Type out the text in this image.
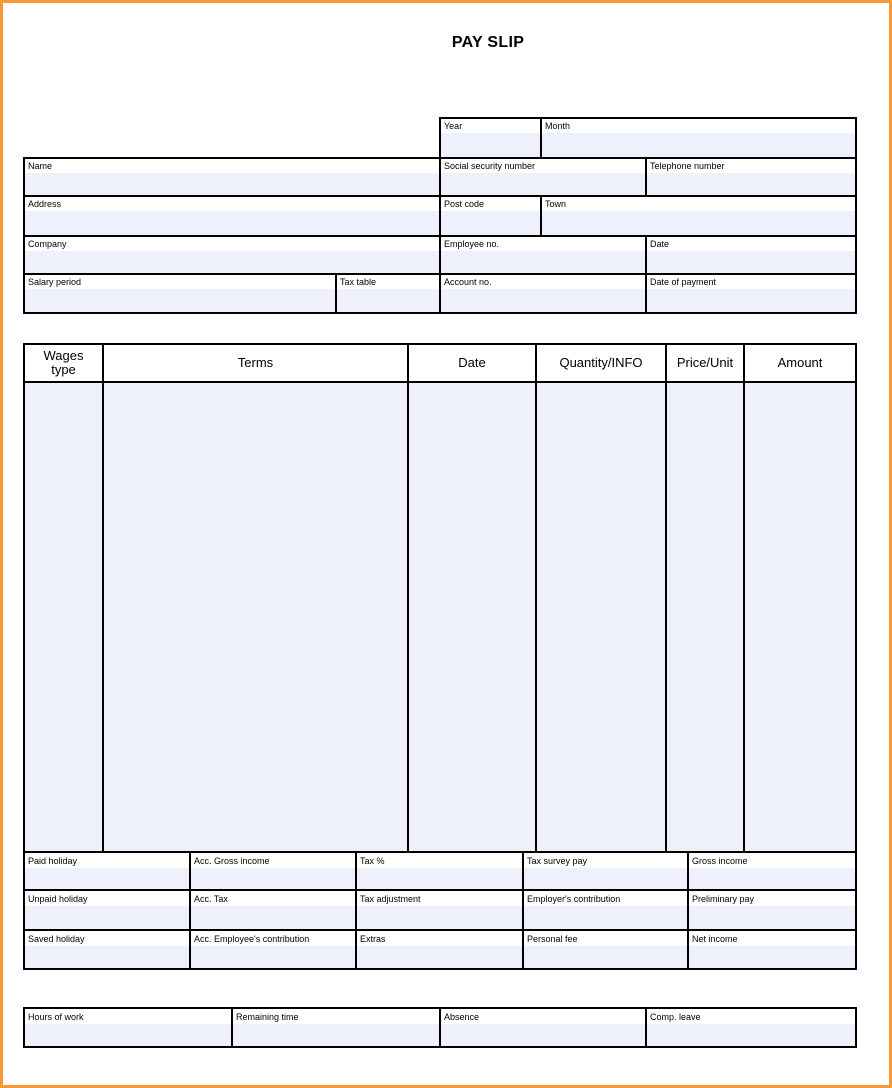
PAY SLIP
Year	Month
Name	Social security number	Telephone number
Address	Post code	Town
Company	Employee no.	Date
Salary period	Tax table	Account no.	Date of payment
Wages type	Terms	Date	Quantity/INFO	Price/Unit	Amount
Paid holiday	Acc. Gross income	Tax %	Tax survey pay	Gross income
Unpaid holiday	Acc. Tax	Tax adjustment	Employer's contribution	Preliminary pay
Saved holiday	Acc. Employee's contribution	Extras	Personal fee	Net income
Hours of work	Remaining time	Absence	Comp. leave
